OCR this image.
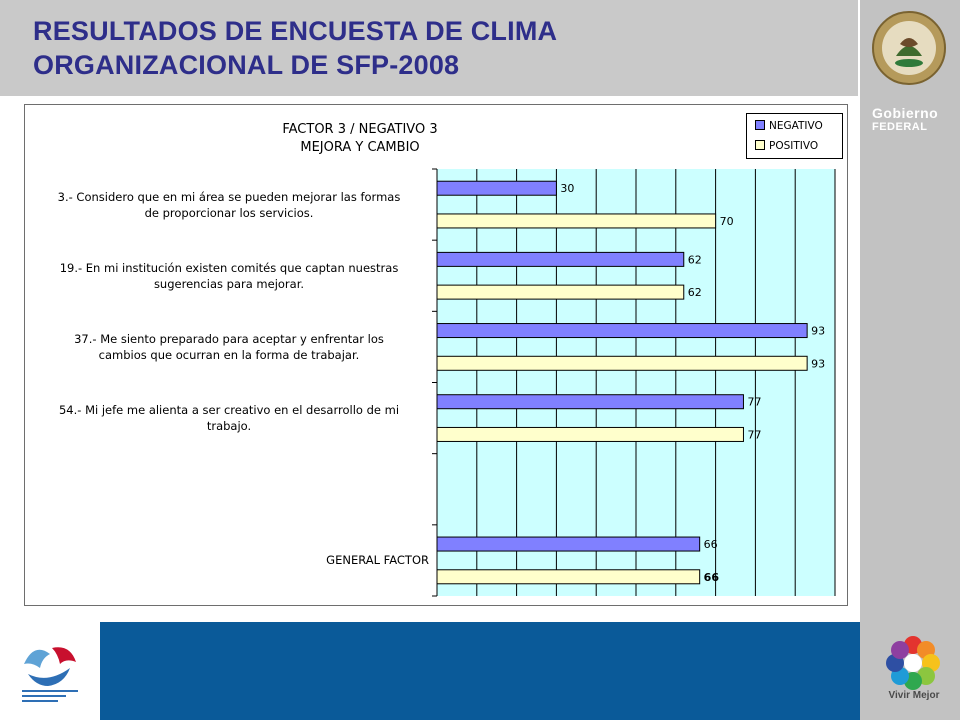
RESULTADOS DE ENCUESTA DE CLIMA
ORGANIZACIONAL DE SFP-2008
Gobierno
FEDERAL
Vivir Mejor
30
70
62
62
93
93
77
77
66
66
FACTOR 3 / NEGATIVO 3
MEJORA Y CAMBIO
NEGATIVO
POSITIVO
3.- Considero que en mi área se pueden mejorar las formas
de proporcionar los servicios.
19.- En mi institución existen comités que captan nuestras
sugerencias para mejorar.
37.- Me siento preparado para aceptar y enfrentar los
cambios que ocurran en la forma de trabajar.
54.- Mi jefe me alienta a ser creativo en el desarrollo de mi
trabajo.
GENERAL FACTOR
